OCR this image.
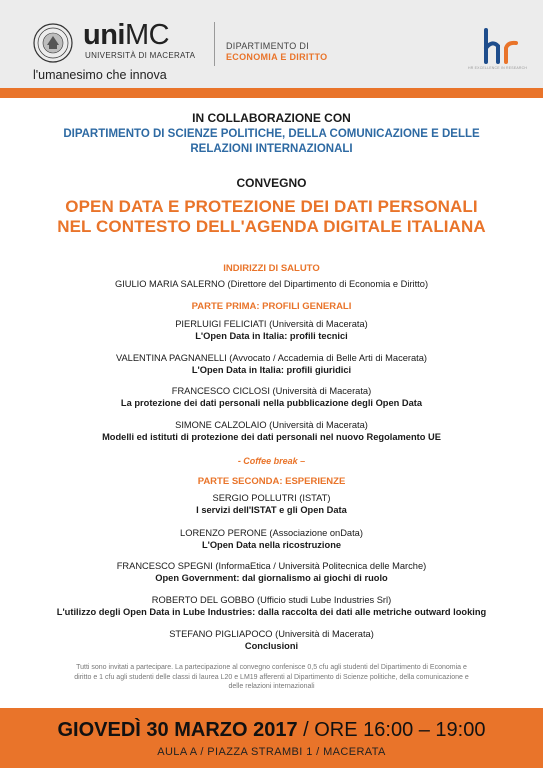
uniMC
UNIVERSITÀ DI MACERATA
l'umanesimo che innova
DIPARTIMENTO DI
ECONOMIA E DIRITTO
HR EXCELLENCE IN RESEARCH
IN COLLABORAZIONE CON
DIPARTIMENTO DI SCIENZE POLITICHE, DELLA COMUNICAZIONE E DELLE
RELAZIONI INTERNAZIONALI
CONVEGNO
OPEN DATA E PROTEZIONE DEI DATI PERSONALI
NEL CONTESTO DELL'AGENDA DIGITALE ITALIANA
INDIRIZZI DI SALUTO
GIULIO MARIA SALERNO (Direttore del Dipartimento di Economia e Diritto)
PARTE PRIMA: PROFILI GENERALI
PIERLUIGI FELICIATI (Università di Macerata)
L'Open Data in Italia: profili tecnici
VALENTINA PAGNANELLI (Avvocato / Accademia di Belle Arti di Macerata)
L'Open Data in Italia: profili giuridici
FRANCESCO CICLOSI (Università di Macerata)
La protezione dei dati personali nella pubblicazione degli Open Data
SIMONE CALZOLAIO (Università di Macerata)
Modelli ed istituti di protezione dei dati personali nel nuovo Regolamento UE
- Coffee break –
PARTE SECONDA: ESPERIENZE
SERGIO POLLUTRI (ISTAT)
I servizi dell'ISTAT e gli Open Data
LORENZO PERONE (Associazione onData)
L'Open Data nella ricostruzione
FRANCESCO SPEGNI (InformaEtica / Università Politecnica delle Marche)
Open Government: dal giornalismo ai giochi di ruolo
ROBERTO DEL GOBBO (Ufficio studi Lube Industries Srl)
L'utilizzo degli Open Data in Lube Industries: dalla raccolta dei dati alle metriche outward looking
STEFANO PIGLIAPOCO (Università di Macerata)
Conclusioni
Tutti sono invitati a partecipare. La partecipazione al convegno confenisce 0,5 cfu agli studenti del Dipartimento di Economia e
diritto e 1 cfu agli studenti delle classi di laurea L20 e LM19 afferenti al Dipartimento di Scienze politiche, della comunicazione e
delle relazioni internazionali
GIOVEDÌ 30 MARZO 2017 / ORE 16:00 – 19:00
AULA A / PIAZZA STRAMBI 1 / MACERATA
